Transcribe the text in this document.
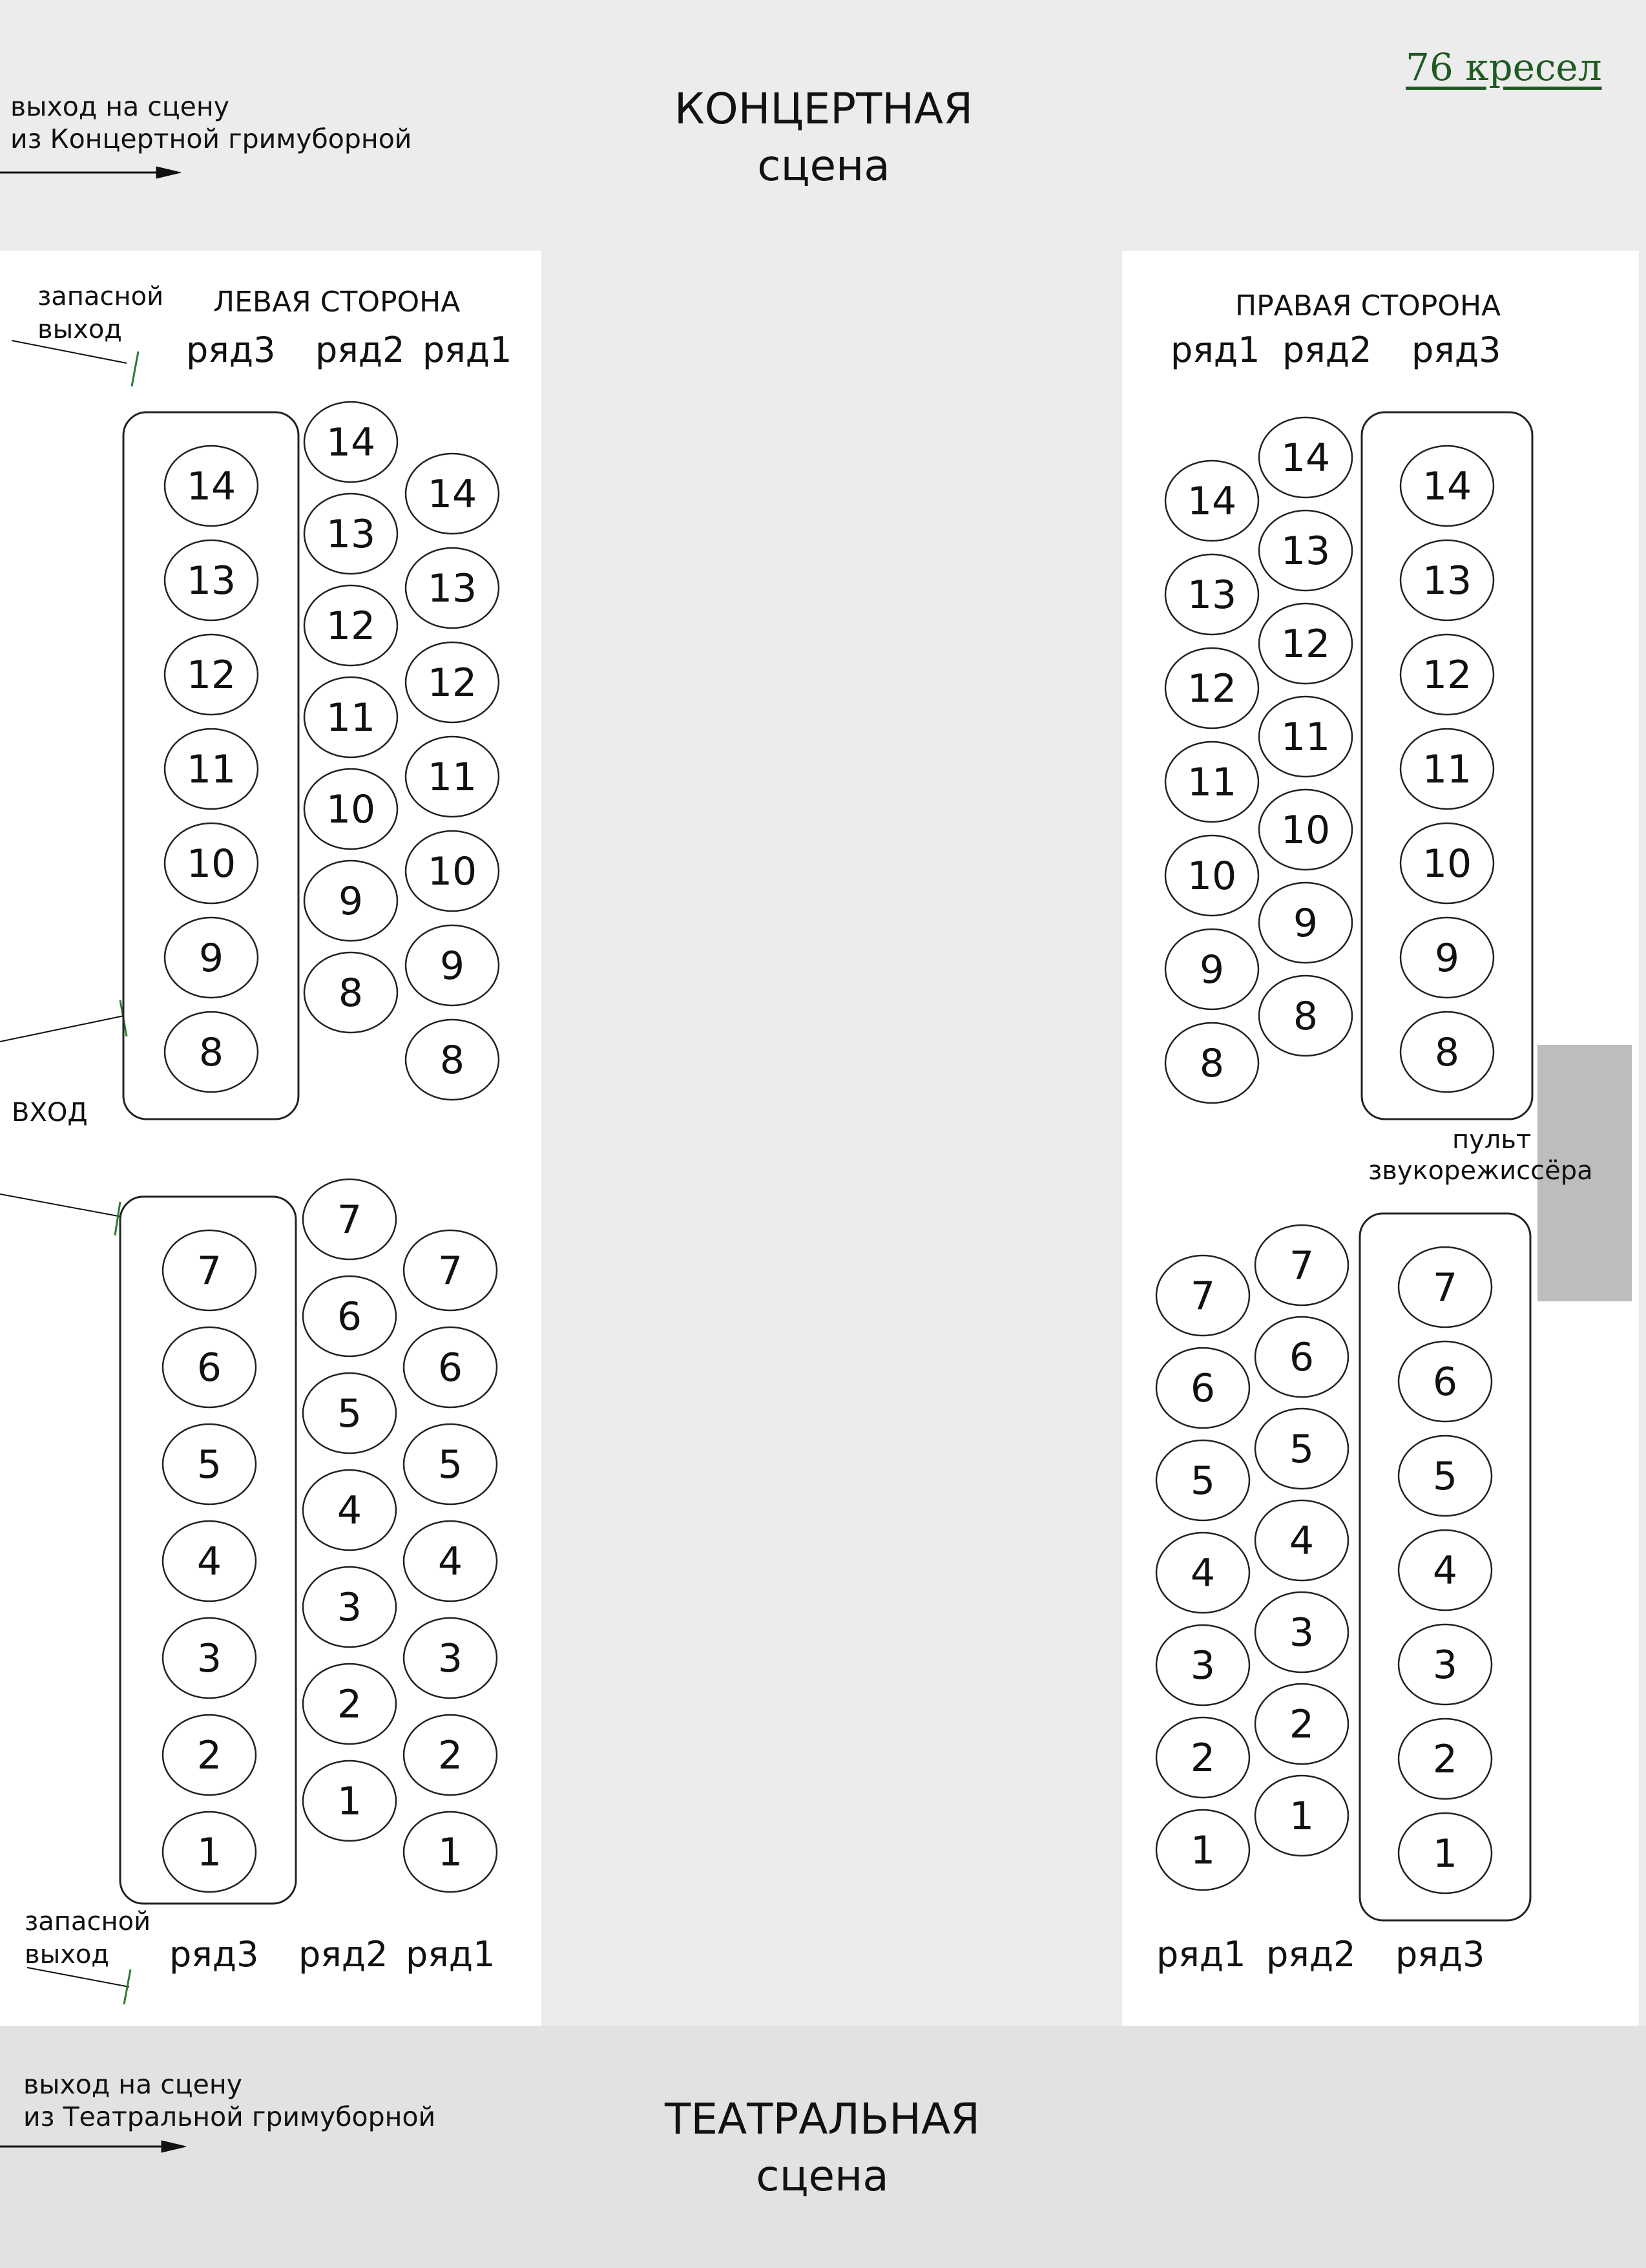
выход на сцену
из Концертной гримуборной
КОНЦЕРТНАЯ
сцена
76 кресел
выход на сцену
из Театральной гримуборной	ТЕАТРАЛЬНАЯ
сцена
запасной
выход
ЛЕВАЯ СТОРОНА
ряд3 ряд2 ряд1
ВХОД
запасной
выход ряд3 ряд2 ряд1
ПРАВАЯ СТОРОНА
ряд1 ряд2 ряд3
пульт
звукорежиссёра
ряд1 ряд2 ряд3
14
13
12
11
10
9
8
14
13
12
11
10
9
8
14
13
12
11
10
9
8
7
6
5
4
3
2
1
7
6
5
4
3
2
1
7
6
5
4
3
2
1
14
13
12
11
10
9
8
14
13
12
11
10
9
8
14
13
12
11
10
9
8
7
6
5
4
3
2
1
7
6
5
4
3
2
1
7
6
5
4
3
2
1
